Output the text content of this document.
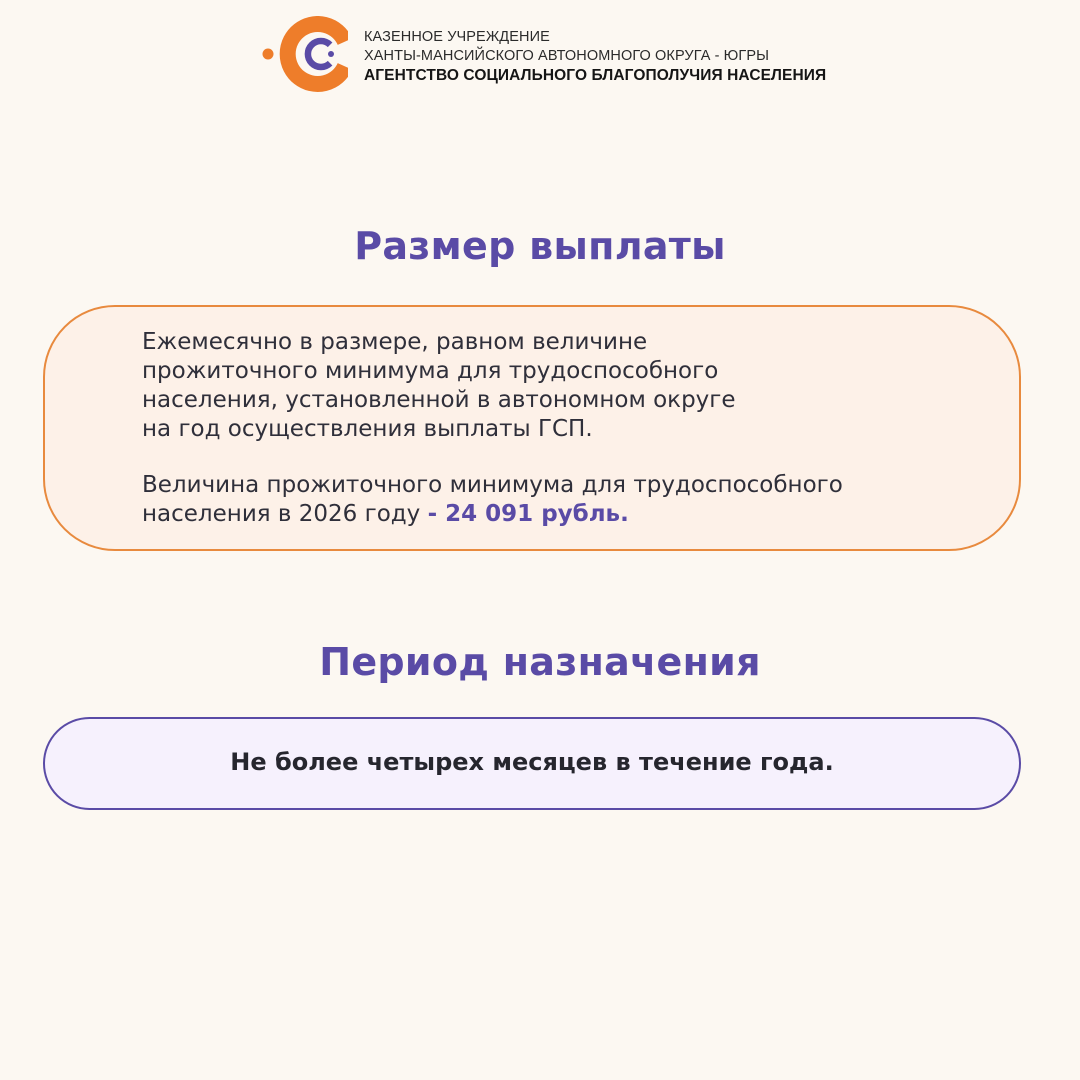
КАЗЕННОЕ УЧРЕЖДЕНИЕ
ХАНТЫ-МАНСИЙСКОГО АВТОНОМНОГО ОКРУГА - ЮГРЫ
АГЕНТСТВО СОЦИАЛЬНОГО БЛАГОПОЛУЧИЯ НАСЕЛЕНИЯ
Размер выплаты

Ежемесячно в размере, равном величине
прожиточного минимума для трудоспособного
населения, установленной в автономном округе
на год осуществления выплаты ГСП.

Величина прожиточного минимума для трудоспособного
населения в 2026 году - 24 091 рубль.

Период назначения

Не более четырех месяцев в течение года.
